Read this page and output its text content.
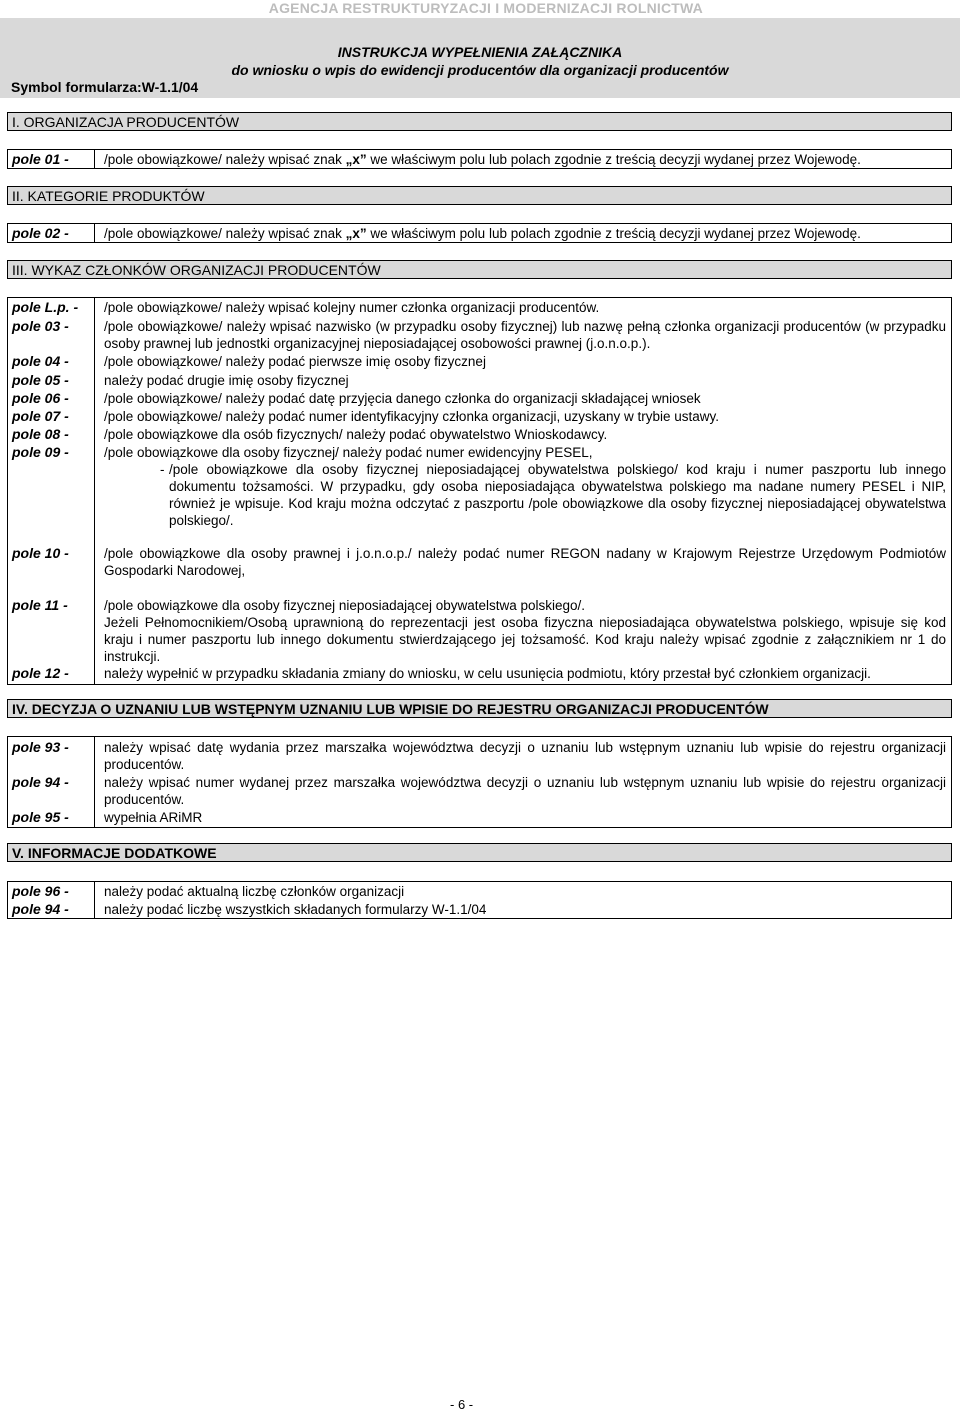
AGENCJA RESTRUKTURYZACJI I MODERNIZACJI ROLNICTWA
INSTRUKCJA WYPEŁNIENIA ZAŁĄCZNIKA
do wniosku o wpis do ewidencji producentów dla organizacji producentów
Symbol formularza:W-1.1/04
I. ORGANIZACJA PRODUCENTÓW
pole 01 -	/pole obowiązkowe/ należy wpisać znak „x” we właściwym polu lub polach zgodnie z treścią decyzji wydanej przez Wojewodę.
II. KATEGORIE PRODUKTÓW
pole 02 -	/pole obowiązkowe/ należy wpisać znak „x” we właściwym polu lub polach zgodnie z treścią decyzji wydanej przez Wojewodę.
III. WYKAZ CZŁONKÓW ORGANIZACJI PRODUCENTÓW
pole L.p. - /pole obowiązkowe/ należy wpisać kolejny numer członka organizacji producentów.
pole 03 -	/pole obowiązkowe/ należy wpisać nazwisko (w przypadku osoby fizycznej) lub nazwę pełną członka organizacji producentów (w przypadku osoby prawnej lub jednostki organizacyjnej nieposiadającej osobowości prawnej (j.o.n.o.p.).
pole 04 -	/pole obowiązkowe/ należy podać pierwsze imię osoby fizycznej
pole 05 -	należy podać drugie imię osoby fizycznej
pole 06 -	/pole obowiązkowe/ należy podać datę przyjęcia danego członka do organizacji składającej wniosek
pole 07 -	/pole obowiązkowe/ należy podać numer identyfikacyjny członka organizacji, uzyskany w trybie ustawy.
pole 08 -	/pole obowiązkowe dla osób fizycznych/ należy podać obywatelstwo Wnioskodawcy.
pole 09 -	/pole obowiązkowe dla osoby fizycznej/ należy podać numer ewidencyjny PESEL,
- /pole obowiązkowe dla osoby fizycznej nieposiadającej obywatelstwa polskiego/ kod kraju i numer paszportu lub innego dokumentu tożsamości. W przypadku, gdy osoba nieposiadająca obywatelstwa polskiego ma nadane numery PESEL i NIP, również je wpisuje. Kod kraju można odczytać z paszportu /pole obowiązkowe dla osoby fizycznej nieposiadającej obywatelstwa polskiego/.
pole 10 -	/pole obowiązkowe dla osoby prawnej i j.o.n.o.p./ należy podać numer REGON nadany w Krajowym Rejestrze Urzędowym Podmiotów Gospodarki Narodowej,
pole 11 -	/pole obowiązkowe dla osoby fizycznej nieposiadającej obywatelstwa polskiego/.
Jeżeli Pełnomocnikiem/Osobą uprawnioną do reprezentacji jest osoba fizyczna nieposiadająca obywatelstwa polskiego, wpisuje się kod kraju i numer paszportu lub innego dokumentu stwierdzającego jej tożsamość. Kod kraju należy wpisać zgodnie z załącznikiem nr 1 do instrukcji.
pole 12 -	należy wypełnić w przypadku składania zmiany do wniosku, w celu usunięcia podmiotu, który przestał być członkiem organizacji.
IV. DECYZJA O UZNANIU LUB WSTĘPNYM UZNANIU LUB WPISIE DO REJESTRU ORGANIZACJI PRODUCENTÓW
pole 93 -	należy wpisać datę wydania przez marszałka województwa decyzji o uznaniu lub wstępnym uznaniu lub wpisie do rejestru organizacji producentów.
pole 94 -	należy wpisać numer wydanej przez marszałka województwa decyzji o uznaniu lub wstępnym uznaniu lub wpisie do rejestru organizacji producentów.
pole 95 -	wypełnia ARiMR
V. INFORMACJE DODATKOWE
pole 96 -	należy podać aktualną liczbę członków organizacji
pole 94 -	należy podać liczbę wszystkich składanych formularzy W-1.1/04
- 6 -
